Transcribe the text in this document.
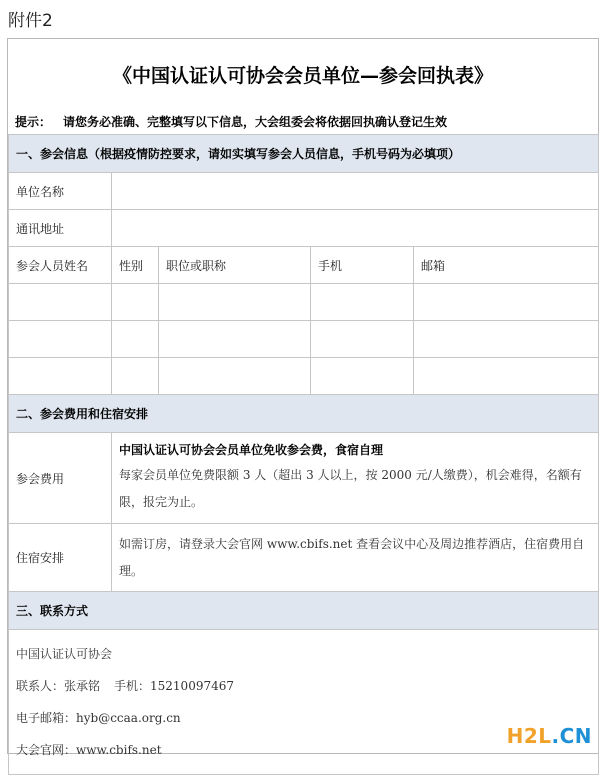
附件2
《中国认证认可协会会员单位—参会回执表》
提示： 请您务必准确、完整填写以下信息，大会组委会将依据回执确认登记生效
一、参会信息（根据疫情防控要求，请如实填写参会人员信息，手机号码为必填项）				
单位名称				
通讯地址				
参会人员姓名	性别	职位或职称	手机	邮箱

二、参会费用和住宿安排				
参会费用	中国认证认可协会会员单位免收参会费，食宿自理
每家会员单位免费限额 3 人（超出 3 人以上，按 2000 元/人缴费），机会难得，名额有限，报完为止。			

住宿安排	如需订房，请登录大会官网 www.cbifs.net 查看会议中心及周边推荐酒店，住宿费用自理。			

三、联系方式				

中国认证认可协会
联系人：张承铭 手机：15210097467
电子邮箱：hyb@ccaa.org.cn
大会官网：www.cbifs.net				
H2L.CN
